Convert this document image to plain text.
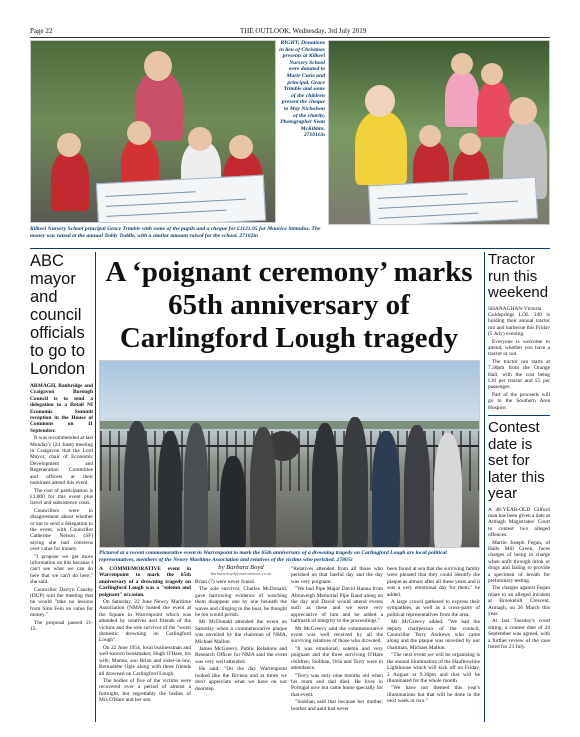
Page 22	THE OUTLOOK, Wednesday, 3rd July 2019
RIGHT: Donations in lieu of Christmas presents at Kilkeel Nursery School were donated to Marie Curie and principal, Grace Trimble and some of the children present the cheque to May Nicholson of the charity. Photographer Sean McKibbin. 271011in
Kilkeel Nursery School principal Grace Trimble with some of the pupils and a cheque for £1121.95 for Maurice Stimulus. The money was raised at the annual Teddy Toddle, with a similar amount raised for the school. 27102in
ABC mayor and council officials to go to London

ARMAGH, Banbridge and Craigavon Borough Council is to send a delegation to a Retail NI Economic Summit reception in the House of Commons on 11 September.

It was recommended at last Monday's (24 June) meeting in Craigavon that the Lord Mayor, chair of Economic Development and Regeneration Committee and officers at their nominees attend this event.

The cost of participation is £1,000 for this event plus travel and subsistence costs.

Councillors were in disagreement about whether or not to send a delegation to the event, with Councillor Catherine Nelson (SF) saying she had concerns over value for money.

"I propose we get more information on this because I can't see what we can do here that we can't do here," she said.

Councillor Darryn Causby (DUP) told the meeting that he would "take no lessons from Sinn Fein on value for money."

The proposal passed 21-15.

A ‘poignant ceremony’ marks 65th anniversary of Carlingford Lough tragedy
Pictured at a recent commemorative event in Warrenpoint to mark the 65th anniversary of a drowning tragedy on Carlingford Lough are local political representatives, members of the Newry Maritime Association and relatives of the victims who perished. 27805c

A COMMEMORATIVE event in Warrenpoint to mark the 65th anniversary of a drowning tragedy on Carlingford Lough was a "solemn and poignant" occasion.

On Saturday, 22 June Newry Maritime Association (NMA) hosted the event at the Square in Warrenpoint which was attended by relatives and friends of the victims and the sole survivor of the "worst domestic drowning on Carlingford Lough".

On 22 June 1954, local businessman and well-known bookmaker, Hugh O'Hare, his wife, Mamie, son Brian and sister-in-law, Bernadette Ogle along with three friends all drowned on Carlingford Lough.

The bodies of five of the victims were recovered over a period of almost a fortnight, but regrettably the bodies of Mrs O'Hare and her son

by Barbara Boyd
barbara.boyd@outlooknews.co.uk

Brian (7) were never found.

The sole survivor, Charles McDonald, gave harrowing evidence of watching them disappear one by one beneath the waves and clinging to the boat, he thought he too would perish.

Mr McDonald attended the event on Saturday when a commemorative plaque was unveiled by the chairman of NMA, Michael Mallon.

James McGreevy, Public Relations and Research Officer for NMA said the event was very well attended.

He said: "On the day Warrenpoint looked like the Riviera and at times we don't appreciate what we have on our doorstep.

"Relatives attended from all those who perished on that fateful day and the day was very poignant.

"We had Pipe Major David Hanna from Altnaveigh Memorial Pipe Band along on the day and David would attend events such as these and we were very appreciative of him and he added a hallmark of integrity to the proceedings."

Mr McGreevy said the commemorative event was well received by all the surviving relatives of those who drowned.

"It was emotional, solemn and very poignant and the three surviving O'Hare children, Siobhan, Orla and Terry were in attendance.

"Terry was only nine months old when his mum and dad died. He lives in Portugal now but came home specially for that event.

"Siobhan said that because her mother, brother and aunt had never

been found at sea that the surviving family were pleased that they could identify the plaque as almost after all these years and it was a very emotional day for them," he added.

A large crowd gathered to express their sympathies, as well as a cross-party of political representatives from the area.

Mr McGreevy added: "We had the deputy chairperson of the council, Councillor Terry Andrews who came along and the plaque was unveiled by our chairman, Michael Mallon.

"The next event we will be organising is the annual illumination of the Haulbowline Lighthouse which will kick off on Friday, 2 August at 9.30pm and that will be illuminated for the whole month.

"We have not themed this year's illuminations but that will be done in the next week or two."

Tractor run this weekend

SHANAGHAN-Victoria Goldsprings LOL 340 is holding their annual tractor run and barbecue this Friday (5 July) evening.

Everyone is welcome to attend, whether you have a tractor or not.

The tractor run starts at 7.30pm from the Orange Hall, with the cost being £10 per tractor and £5 per passenger.

Part of the proceeds will go to the Southern Area Hospice.

Contest date is set for later this year

A 48-YEAR-OLD Gilford man has been given a date at Armagh Magistrates' Court to contest two alleged offences.

Martin Joseph Fegan, of Halls Mill Green, faces charges of being in charge when unfit through drink or drugs and failing to provide a specimen of breath for preliminary testing.

The charges against Fegan relate to an alleged incident at Brookehill Crescent, Armagh, on 26 March this year.

At last Tuesday's court sitting, a contest date of 24 September was agreed, with a further review of the case listed for 23 July.
